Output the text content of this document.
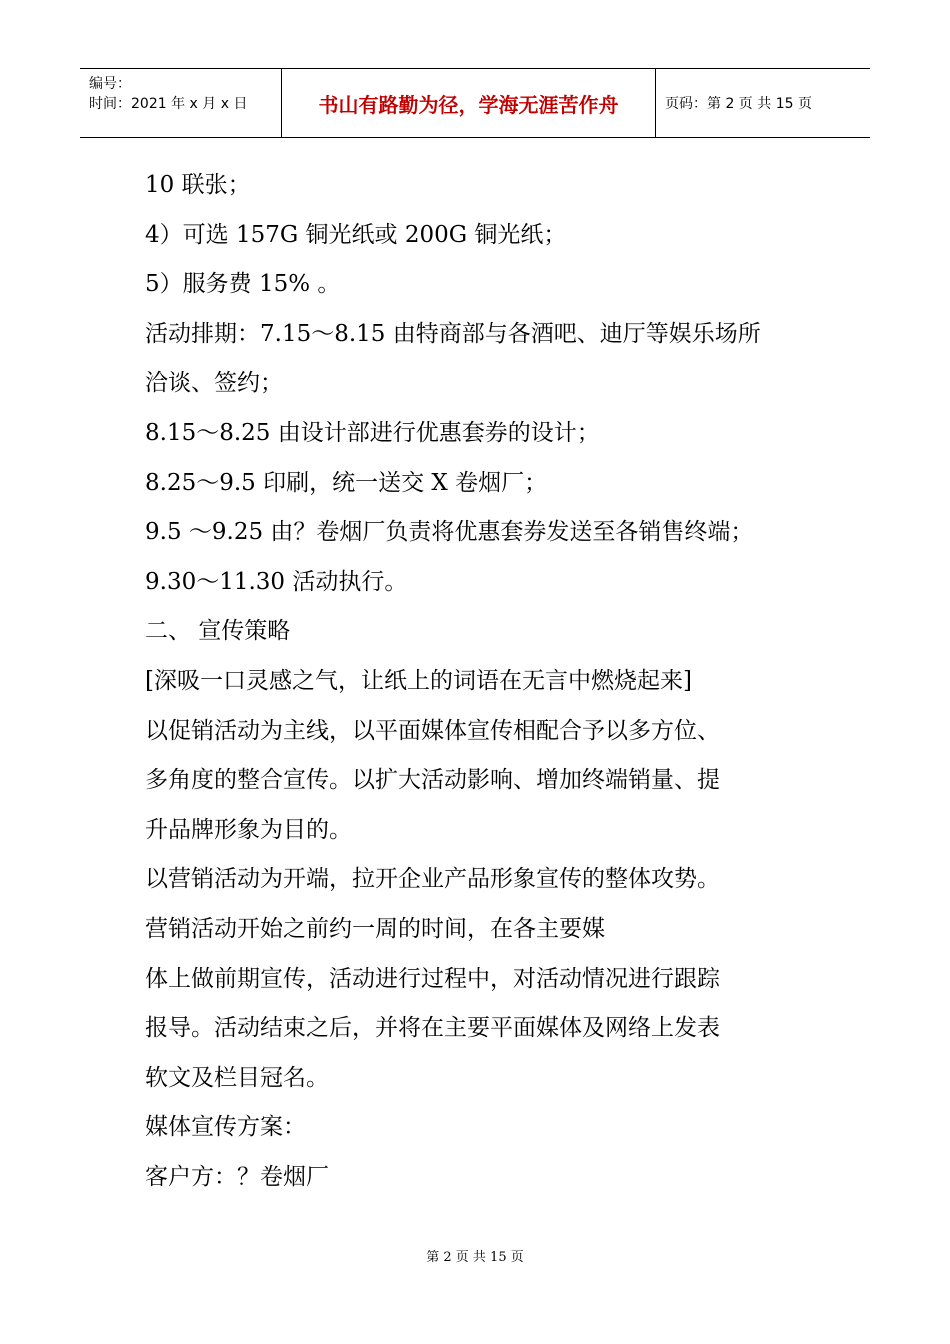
编号：
时间：2021 年 x 月 x 日	书山有路勤为径，学海无涯苦作舟	页码：第 2 页 共 15 页
10 联张；
4）可选 157G 铜光纸或 200G 铜光纸；
5）服务费 15% 。
活动排期：7.15～8.15 由特商部与各酒吧、迪厅等娱乐场所
洽谈、签约；
8.15～8.25 由设计部进行优惠套券的设计；
8.25～9.5 印刷，统一送交 X 卷烟厂；
9.5 ～9.25 由？卷烟厂负责将优惠套券发送至各销售终端；
9.30～11.30 活动执行。
二、 宣传策略
[深吸一口灵感之气，让纸上的词语在无言中燃烧起来]
以促销活动为主线，以平面媒体宣传相配合予以多方位、
多角度的整合宣传。以扩大活动影响、增加终端销量、提
升品牌形象为目的。
以营销活动为开端，拉开企业产品形象宣传的整体攻势。
营销活动开始之前约一周的时间，在各主要媒
体上做前期宣传，活动进行过程中，对活动情况进行跟踪
报导。活动结束之后，并将在主要平面媒体及网络上发表
软文及栏目冠名。
媒体宣传方案：
客户方：？卷烟厂
第 2 页 共 15 页
